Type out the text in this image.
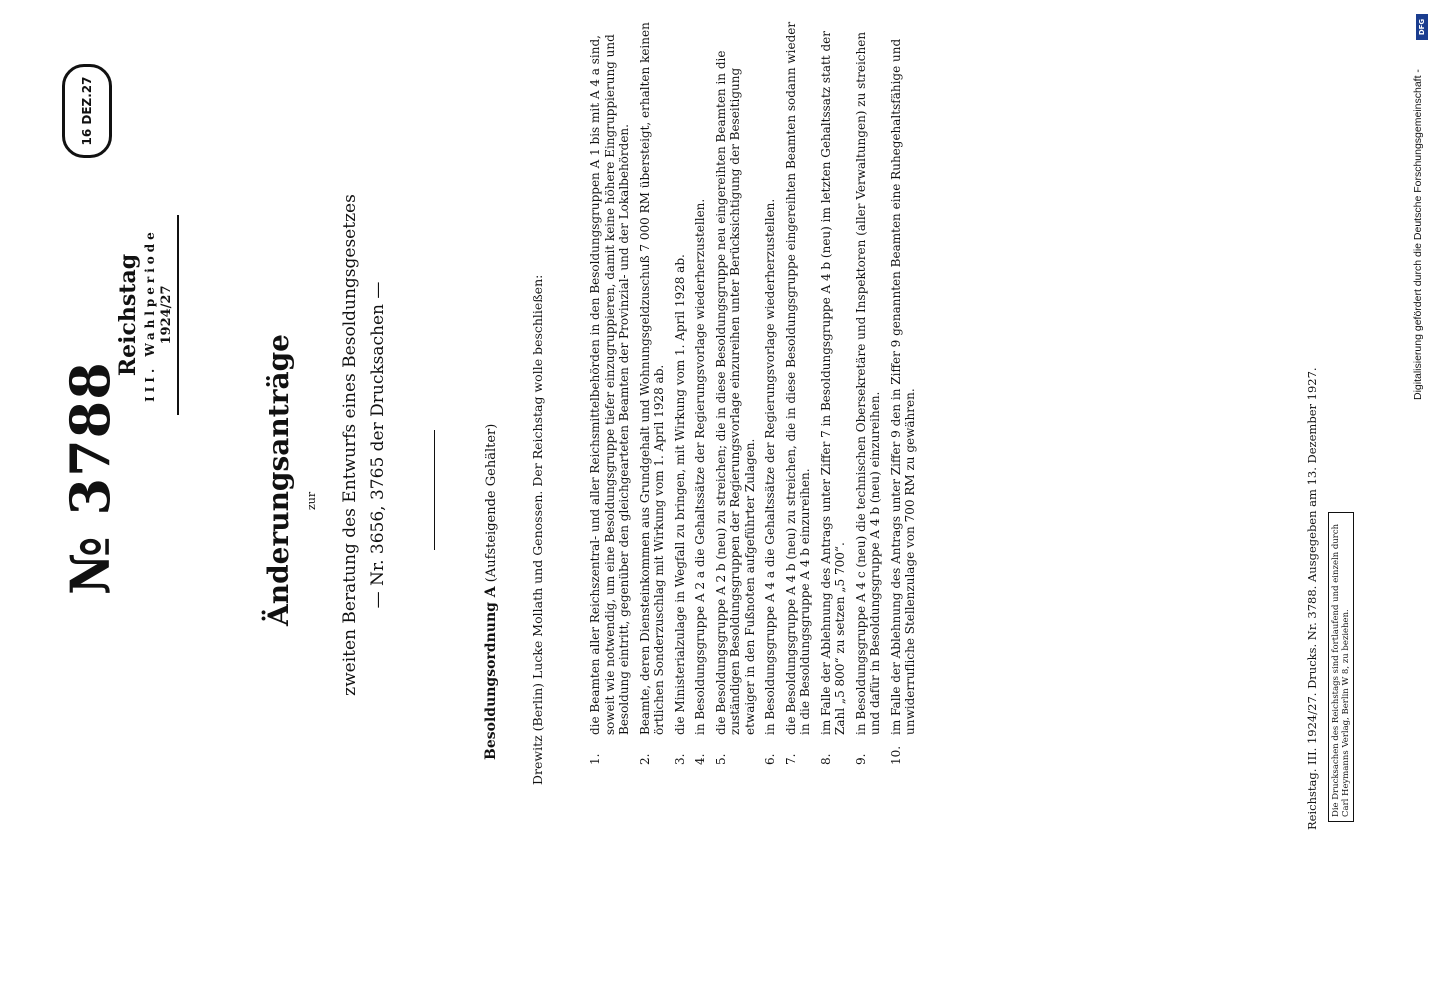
№ 3788
16 DEZ.27
Reichstag III. Wahlperiode 1924/27
Änderungsanträge zur zweiten Beratung des Entwurfs eines Besoldungsgesetzes — Nr. 3656, 3765 der Drucksachen —
Besoldungsordnung A (Aufsteigende Gehälter) Drewitz (Berlin) Lucke Mollath und Genossen. Der Reichstag wolle beschließen:	1.
die Beamten aller Reichszentral- und aller Reichsmittelbehörden in den Besoldungsgruppen A 1 bis mit A 4 a sind, soweit wie notwendig, um eine Besoldungsgruppe tiefer einzugruppieren, damit keine höhere Eingruppierung und Besoldung eintritt, gegenüber den gleichgearteten Beamten der Provinzial- und der Lokalbehörden.
2.
Beamte, deren Diensteinkommen aus Grundgehalt und Wohnungsgeldzuschuß 7 000 RM übersteigt, erhalten keinen örtlichen Sonderzuschlag mit Wirkung vom 1. April 1928 ab.
3.
die Ministerialzulage in Wegfall zu bringen, mit Wirkung vom 1. April 1928 ab.
4.
in Besoldungsgruppe A 2 a die Gehaltssätze der Regierungsvorlage wiederherzustellen.
5.
die Besoldungsgruppe A 2 b (neu) zu streichen; die in diese Besoldungsgruppe neu eingereihten Beamten in die zuständigen Besoldungsgruppen der Regierungsvorlage einzureihen unter Berücksichtigung der Beseitigung etwaiger in den Fußnoten aufgeführter Zulagen.
6.
in Besoldungsgruppe A 4 a die Gehaltssätze der Regierungsvorlage wiederherzustellen.
7.
die Besoldungsgruppe A 4 b (neu) zu streichen, die in diese Besoldungsgruppe eingereihten Beamten sodann wieder in die Besoldungsgruppe A 4 b einzureihen.
8.
im Falle der Ablehnung des Antrags unter Ziffer 7 in Besoldungsgruppe A 4 b (neu) im letzten Gehaltssatz statt der Zahl „5 800“ zu setzen „5 700“.
9.
in Besoldungsgruppe A 4 c (neu) die technischen Obersekretäre und Inspektoren (aller Verwaltungen) zu streichen und dafür in Besoldungsgruppe A 4 b (neu) einzureihen.
10.
im Falle der Ablehnung des Antrags unter Ziffer 9 den in Ziffer 9 genannten Beamten eine Ruhegehaltsfähige und unwiderrufliche Stellenzulage von 700 RM zu gewähren.	Reichstag. III. 1924/27. Drucks. Nr. 3788. Ausgegeben am 13. Dezember 1927.	Die Drucksachen des Reichstags sind fortlaufend und einzeln durch Carl Heymanns Verlag, Berlin W 8, zu beziehen.
Digitalisierung gefördert durch die Deutsche Forschungsgemeinschaft -
DFG
